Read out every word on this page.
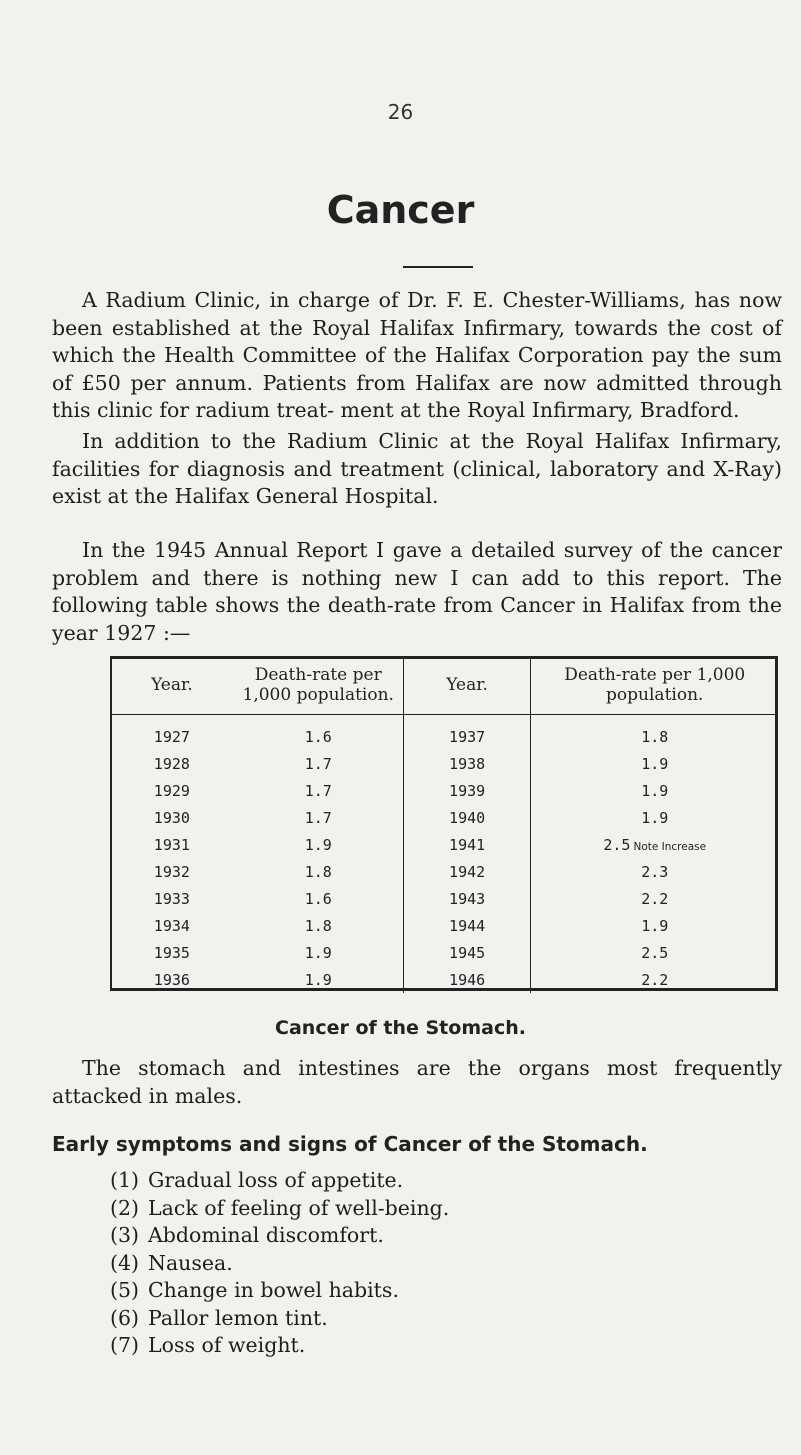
26
Cancer

A Radium Clinic, in charge of Dr. F. E. Chester-Williams, has now been established at the Royal Halifax Infirmary, towards the cost of which the Health Committee of the Halifax Corporation pay the sum of £50 per annum. Patients from Halifax are now admitted through this clinic for radium treat- ment at the Royal Infirmary, Bradford.

In addition to the Radium Clinic at the Royal Halifax Infirmary, facilities for diagnosis and treatment (clinical, laboratory and X-Ray) exist at the Halifax General Hospital.

In the 1945 Annual Report I gave a detailed survey of the cancer problem and there is nothing new I can add to this report. The following table shows the death-rate from Cancer in Halifax from the year 1927 :—

Year.	Death-rate per 1,000 population.	Year.	Death-rate per 1,000 population.
1927	1.6	1937	1.8
1928	1.7	1938	1.9
1929	1.7	1939	1.9
1930	1.7	1940	1.9
1931	1.9	1941	2.5 Note Increase
1932	1.8	1942	2.3
1933	1.6	1943	2.2
1934	1.8	1944	1.9
1935	1.9	1945	2.5
1936	1.9	1946	2.2
Cancer of the Stomach.

The stomach and intestines are the organs most frequently attacked in males.

Early symptoms and signs of Cancer of the Stomach.
(1) Gradual loss of appetite.
(2) Lack of feeling of well-being.
(3) Abdominal discomfort.
(4) Nausea.
(5) Change in bowel habits.
(6) Pallor lemon tint.
(7) Loss of weight.
